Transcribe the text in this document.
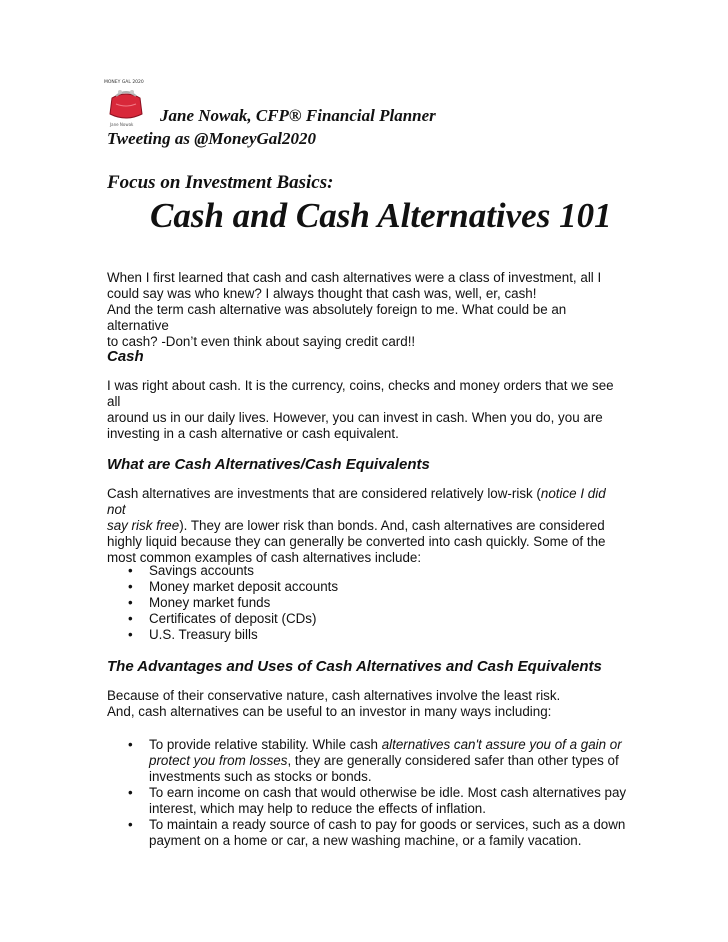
MONEY GAL 2020
Jane Nowak Jane Nowak, CFP® Financial Planner
Tweeting as @MoneyGal2020
Focus on Investment Basics:
Cash and Cash Alternatives 101

When I first learned that cash and cash alternatives were a class of investment, all I

could say was who knew? I always thought that cash was, well, er, cash!

And the term cash alternative was absolutely foreign to me. What could be an alternative

to cash? -Don’t even think about saying credit card!!

Cash

I was right about cash. It is the currency, coins, checks and money orders that we see all

around us in our daily lives. However, you can invest in cash. When you do, you are

investing in a cash alternative or cash equivalent.

What are Cash Alternatives/Cash Equivalents

Cash alternatives are investments that are considered relatively low-risk (notice I did not

say risk free). They are lower risk than bonds. And, cash alternatives are considered

highly liquid because they can generally be converted into cash quickly. Some of the

most common examples of cash alternatives include:

• Savings accounts
• Money market deposit accounts
• Money market funds
• Certificates of deposit (CDs)
• U.S. Treasury bills
The Advantages and Uses of Cash Alternatives and Cash Equivalents

Because of their conservative nature, cash alternatives involve the least risk.

And, cash alternatives can be useful to an investor in many ways including:

• To provide relative stability. While cash alternatives can't assure you of a gain or
protect you from losses, they are generally considered safer than other types of
investments such as stocks or bonds.
• To earn income on cash that would otherwise be idle. Most cash alternatives pay
interest, which may help to reduce the effects of inflation.
• To maintain a ready source of cash to pay for goods or services, such as a down
payment on a home or car, a new washing machine, or a family vacation.
